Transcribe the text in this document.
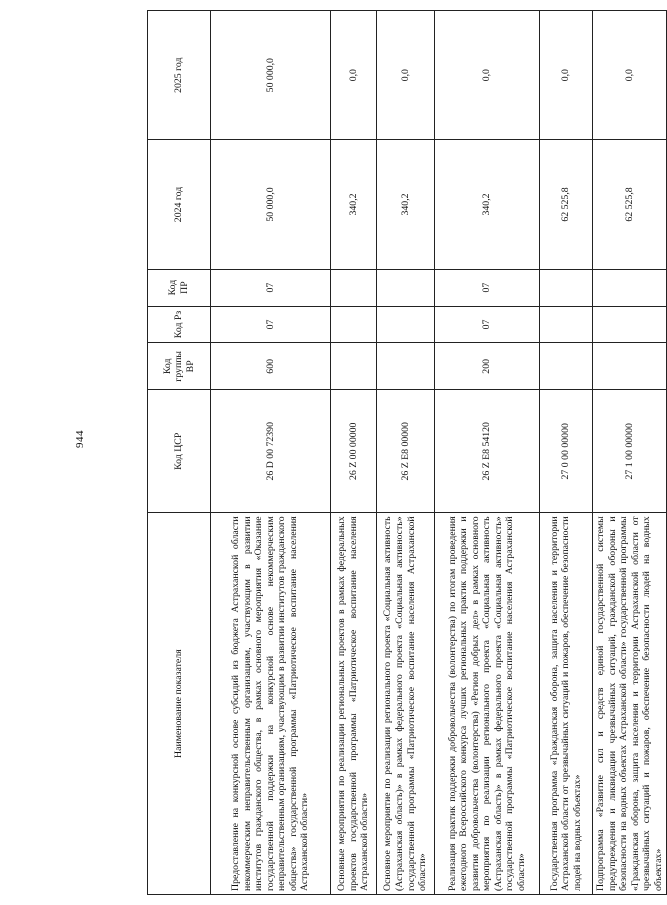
944
Наименование показателя	Код ЦСР	Код группы ВР	Код Рз	Код ПР	2024 год	2025 год
Предоставление на конкурсной основе субсидий из бюджета Астраханской области некоммерческим неправительственным организациям, участвующим в развитии институтов гражданского общества, в рамках основного мероприятия «Оказание государственной поддержки на конкурсной основе некоммерческим неправительственным организациям, участвующим в развитии институтов гражданского общества» государственной программы «Патриотическое воспитание населения Астраханской области»	26 D 00 72390	600	07	07	50 000,0	50 000,0
Основные мероприятия по реализации региональных проектов в рамках федеральных проектов государственной программы «Патриотическое воспитание населения Астраханской области»	26 Z 00 00000				340,2	0,0
Основное мероприятие по реализации регионального проекта «Социальная активность (Астраханская область)» в рамках федерального проекта «Социальная активность» государственной программы «Патриотическое воспитание населения Астраханской области»	26 Z E8 00000				340,2	0,0
Реализация практик поддержки добровольчества (волонтерства) по итогам проведения ежегодного Всероссийского конкурса лучших региональных практик поддержки и развития добровольчества (волонтерства) «Регион добрых дел» в рамках основного мероприятия по реализации регионального проекта «Социальная активность (Астраханская область)» в рамках федерального проекта «Социальная активность» государственной программы «Патриотическое воспитание населения Астраханской области»	26 Z E8 54120	200	07	07	340,2	0,0
Государственная программа «Гражданская оборона, защита населения и территории Астраханской области от чрезвычайных ситуаций и пожаров, обеспечение безопасности людей на водных объектах»	27 0 00 00000				62 525,8	0,0
Подпрограмма «Развитие сил и средств единой государственной системы предупреждения и ликвидации чрезвычайных ситуаций, гражданской обороны и безопасности на водных объектах Астраханской области» государственной программы «Гражданская оборона, защита населения и территории Астраханской области от чрезвычайных ситуаций и пожаров, обеспечение безопасности людей на водных объектах»	27 1 00 00000				62 525,8	0,0
